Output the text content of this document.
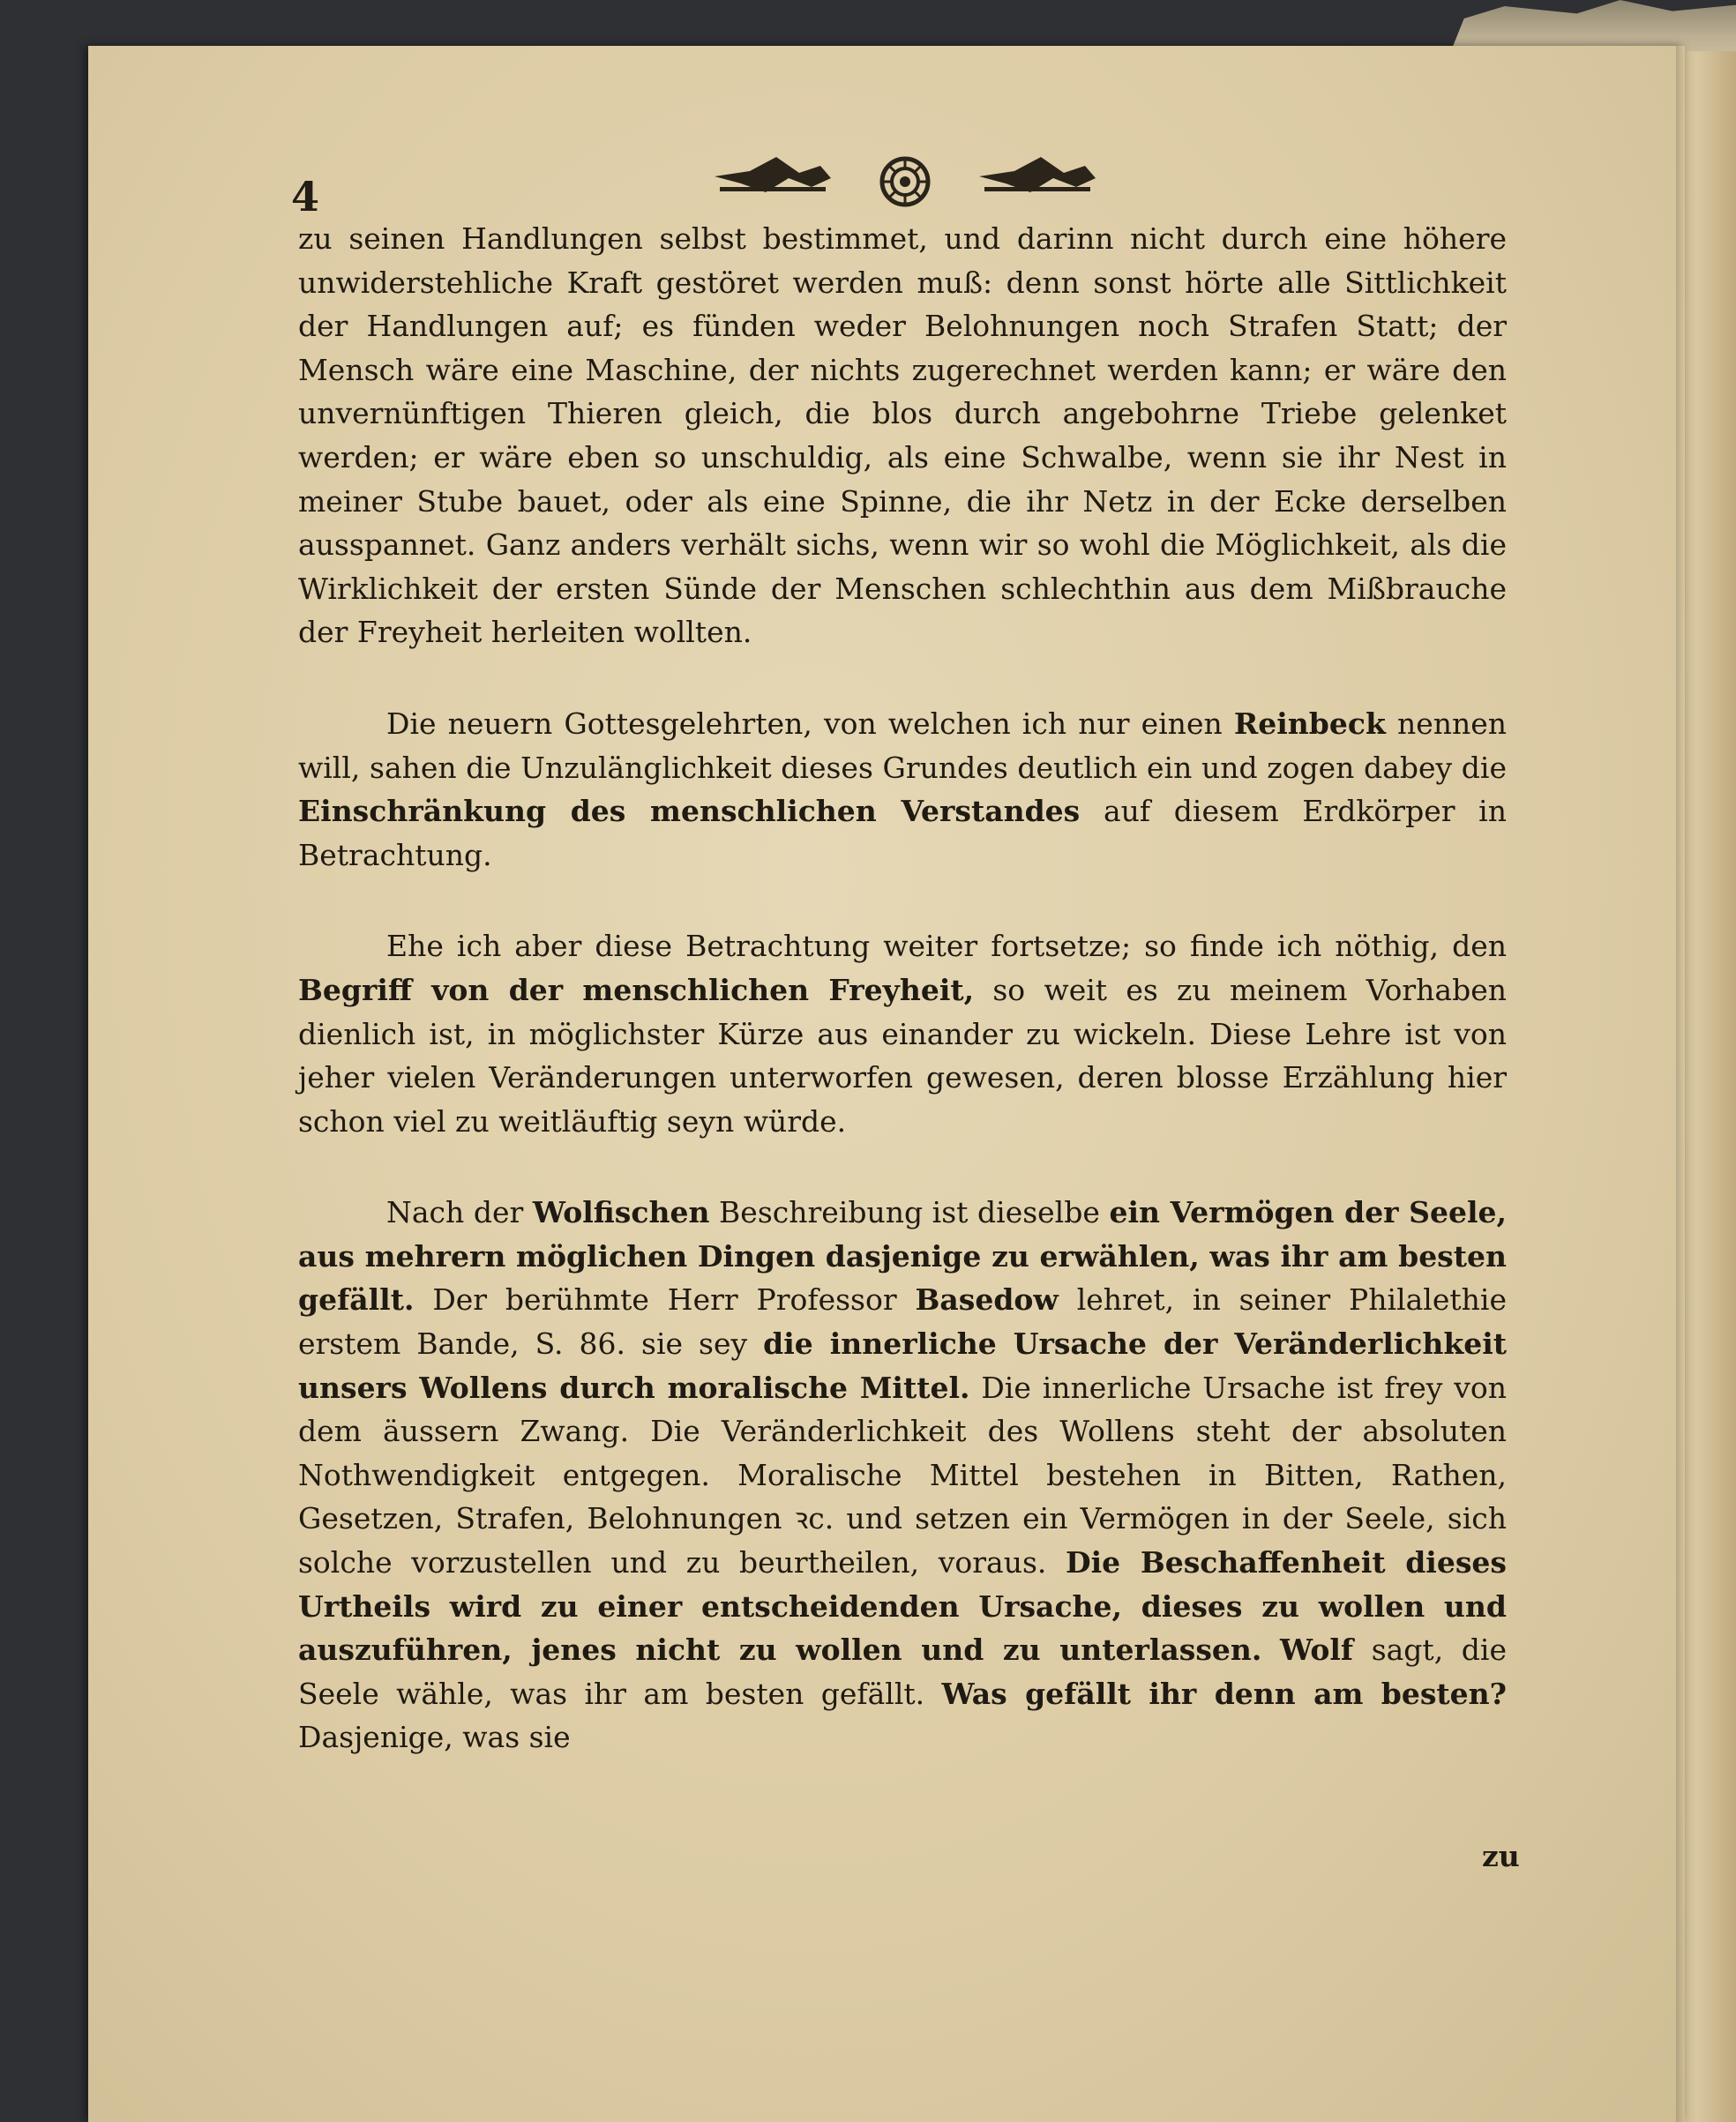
4

zu seinen Handlungen selbst bestimmet, und darinn nicht durch eine höhere unwiderstehliche Kraft gestöret werden muß: denn sonst hörte alle Sittlichkeit der Handlungen auf; es fünden weder Belohnungen noch Strafen Statt; der Mensch wäre eine Maschine, der nichts zugerechnet werden kann; er wäre den unvernünftigen Thieren gleich, die blos durch angebohrne Triebe gelenket werden; er wäre eben so unschuldig, als eine Schwalbe, wenn sie ihr Nest in meiner Stube bauet, oder als eine Spinne, die ihr Netz in der Ecke derselben ausspannet. Ganz anders verhält sichs, wenn wir so wohl die Möglichkeit, als die Wirklichkeit der ersten Sünde der Menschen schlechthin aus dem Mißbrauche der Freyheit herleiten wollten.

Die neuern Gottesgelehrten, von welchen ich nur einen Reinbeck nennen will, sahen die Unzulänglichkeit dieses Grundes deutlich ein und zogen dabey die Einschränkung des menschlichen Verstandes auf diesem Erdkörper in Betrachtung.

Ehe ich aber diese Betrachtung weiter fortsetze; so finde ich nöthig, den Begriff von der menschlichen Freyheit, so weit es zu meinem Vorhaben dienlich ist, in möglichster Kürze aus einander zu wickeln. Diese Lehre ist von jeher vielen Veränderungen unterworfen gewesen, deren blosse Erzählung hier schon viel zu weitläuftig seyn würde.

Nach der Wolfischen Beschreibung ist dieselbe ein Vermögen der Seele, aus mehrern möglichen Dingen dasjenige zu erwählen, was ihr am besten gefällt. Der berühmte Herr Professor Basedow lehret, in seiner Philalethie erstem Bande, S. 86. sie sey die innerliche Ursache der Veränderlichkeit unsers Wollens durch moralische Mittel. Die innerliche Ursache ist frey von dem äussern Zwang. Die Veränderlichkeit des Wollens steht der absoluten Nothwendigkeit entgegen. Moralische Mittel bestehen in Bitten, Rathen, Gesetzen, Strafen, Belohnungen ꝛc. und setzen ein Vermögen in der Seele, sich solche vorzustellen und zu beurtheilen, voraus. Die Beschaffenheit dieses Urtheils wird zu einer entscheidenden Ursache, dieses zu wollen und auszuführen, jenes nicht zu wollen und zu unterlassen. Wolf sagt, die Seele wähle, was ihr am besten gefällt. Was gefällt ihr denn am besten? Dasjenige, was sie

zu
